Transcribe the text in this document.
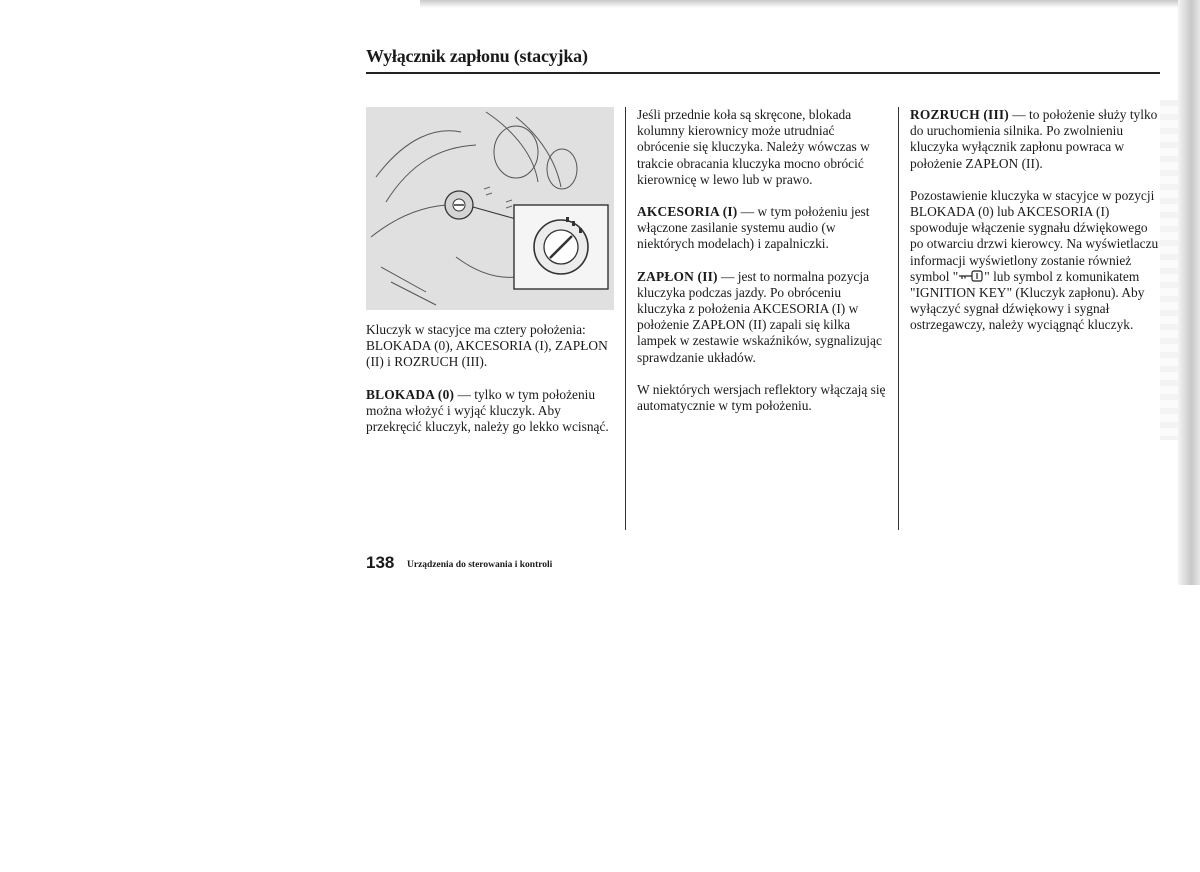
Wyłącznik zapłonu (stacyjka)

Kluczyk w stacyjce ma cztery położenia: BLOKADA (0), AKCESORIA (I), ZAPŁON (II) i ROZRUCH (III).

BLOKADA (0) — tylko w tym położeniu można włożyć i wyjąć kluczyk. Aby przekręcić kluczyk, należy go lekko wcisnąć.

Jeśli przednie koła są skręcone, blokada kolumny kierownicy może utrudniać obrócenie się kluczyka. Należy wówczas w trakcie obracania kluczyka mocno obrócić kierownicę w lewo lub w prawo.

AKCESORIA (I) — w tym położeniu jest włączone zasilanie systemu audio (w niektórych modelach) i zapalniczki.

ZAPŁON (II) — jest to normalna pozycja kluczyka podczas jazdy. Po obróceniu kluczyka z położenia AKCESORIA (I) w położenie ZAPŁON (II) zapali się kilka lampek w zestawie wskaźników, sygnalizując sprawdzanie układów.

W niektórych wersjach reflektory włączają się automatycznie w tym położeniu.

ROZRUCH (III) — to położenie służy tylko do uruchomienia silnika. Po zwolnieniu kluczyka wyłącznik zapłonu powraca w położenie ZAPŁON (II).

Pozostawienie kluczyka w stacyjce w pozycji BLOKADA (0) lub AKCESORIA (I) spowoduje włączenie sygnału dźwiękowego po otwarciu drzwi kierowcy. Na wyświetlaczu informacji wyświetlony zostanie również symbol " " lub symbol z komunikatem "IGNITION KEY" (Kluczyk zapłonu). Aby wyłączyć sygnał dźwiękowy i sygnał ostrzegawczy, należy wyciągnąć kluczyk.

138 Urządzenia do sterowania i kontroli
